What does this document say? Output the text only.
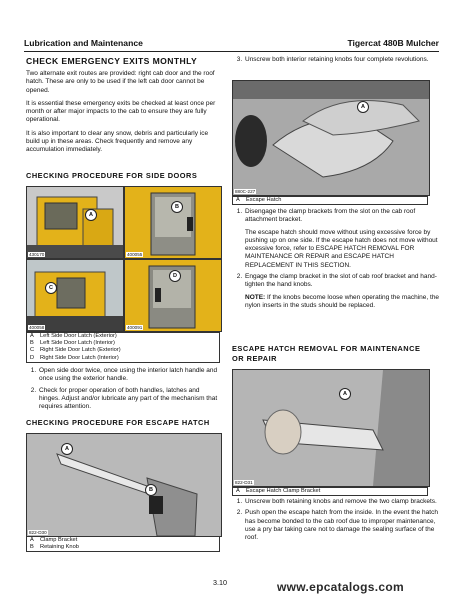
Lubrication and Maintenance	Tigercat 480B Mulcher
CHECK EMERGENCY EXITS MONTHLY
Two alternate exit routes are provided: right cab door and the roof hatch. These are only to be used if the left cab door cannot be opened.
It is essential these emergency exits be checked at least once per month or after major impacts to the cab to ensure they are fully operational.
It is also important to clear any snow, debris and particularly ice build up in these areas. Check frequently and remove any accumulation immediately.
CHECKING PROCEDURE FOR SIDE DOORS
A
430170
B
400055
C
400058
D
400091
A	Left Side Door Latch (Exterior)
B	Left Side Door Latch (Interior)
C	Right Side Door Latch (Exterior)
D	Right Side Door Latch (Interior)
1. Open side door twice, once using the interior latch handle and once using the exterior handle.
2. Check for proper operation of both handles, latches and hinges. Adjust and/or lubricate any part of the mechanism that requires attention.
CHECKING PROCEDURE FOR ESCAPE HATCH
A
B
822-D30
A	Clamp Bracket
B	Retaining Knob
3. Unscrew both interior retaining knobs four complete revolutions.
A
880C-227
A	Escape Hatch
1. Disengage the clamp brackets from the slot on the cab roof attachment bracket.
The escape hatch should move without using excessive force by pushing up on one side. If the escape hatch does not move without excessive force, refer to ESCAPE HATCH REMOVAL FOR MAINTENANCE OR REPAIR and ESCAPE HATCH REPLACEMENT IN THIS SECTION.
2. Engage the clamp bracket in the slot of cab roof bracket and hand-tighten the hand knobs.
NOTE: If the knobs become loose when operating the machine, the nylon inserts in the studs should be replaced.
ESCAPE HATCH REMOVAL FOR MAINTENANCE OR REPAIR
A
822-D31
A	Escape Hatch Clamp Bracket
1. Unscrew both retaining knobs and remove the two clamp brackets.
2. Push open the escape hatch from the inside. In the event the hatch has become bonded to the cab roof due to improper maintenance, use a pry bar taking care not to damage the sealing surface of the roof.
3.10	www.epcatalogs.com
